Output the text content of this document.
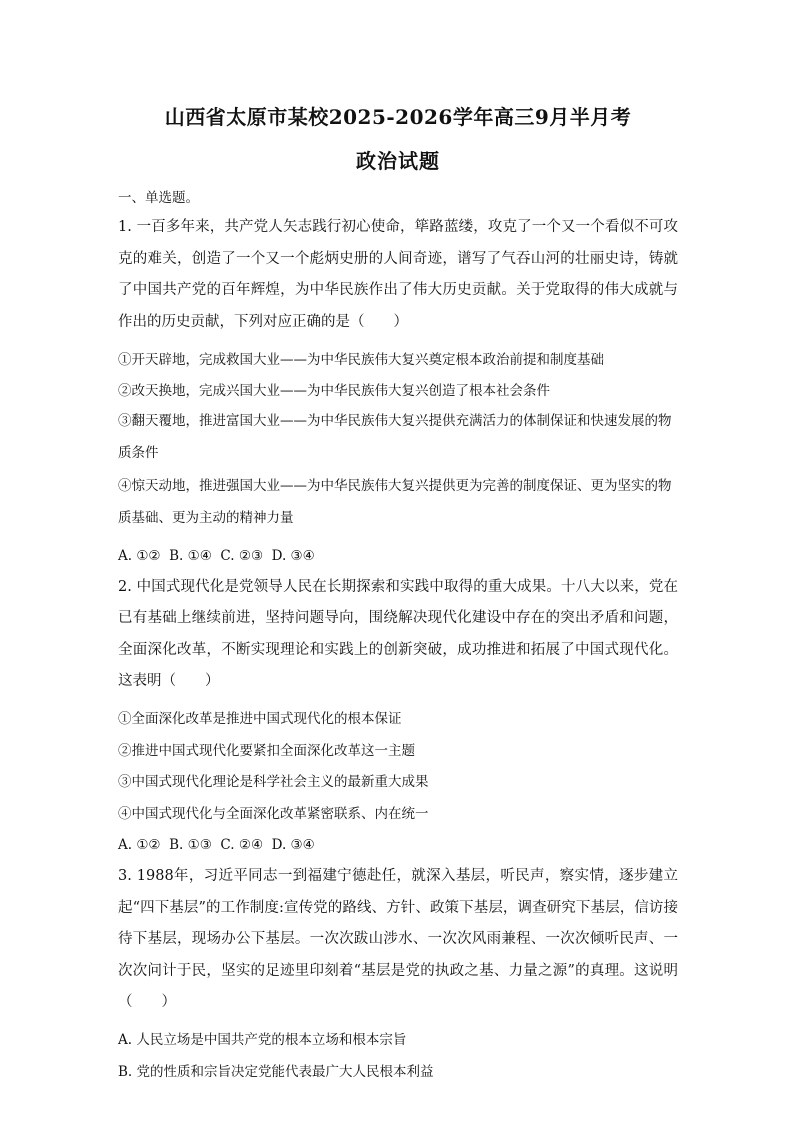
山西省太原市某校2025-2026学年高三9月半月考
政治试题

一、单选题。

1. 一百多年来，共产党人矢志践行初心使命，筚路蓝缕，攻克了一个又一个看似不可攻克的难关，创造了一个又一个彪炳史册的人间奇迹，谱写了气吞山河的壮丽史诗，铸就了中国共产党的百年辉煌，为中华民族作出了伟大历史贡献。关于党取得的伟大成就与作出的历史贡献，下列对应正确的是（　　）

①开天辟地，完成救国大业——为中华民族伟大复兴奠定根本政治前提和制度基础

②改天换地，完成兴国大业——为中华民族伟大复兴创造了根本社会条件

③翻天覆地，推进富国大业——为中华民族伟大复兴提供充满活力的体制保证和快速发展的物质条件

④惊天动地，推进强国大业——为中华民族伟大复兴提供更为完善的制度保证、更为坚实的物质基础、更为主动的精神力量

A. ①②  B. ①④  C. ②③  D. ③④

2. 中国式现代化是党领导人民在长期探索和实践中取得的重大成果。十八大以来，党在已有基础上继续前进，坚持问题导向，围绕解决现代化建设中存在的突出矛盾和问题，全面深化改革，不断实现理论和实践上的创新突破，成功推进和拓展了中国式现代化。这表明（　　）

①全面深化改革是推进中国式现代化的根本保证

②推进中国式现代化要紧扣全面深化改革这一主题

③中国式现代化理论是科学社会主义的最新重大成果

④中国式现代化与全面深化改革紧密联系、内在统一

A. ①②  B. ①③  C. ②④  D. ③④

3. 1988年，习近平同志一到福建宁德赴任，就深入基层，听民声，察实情，逐步建立起“四下基层”的工作制度:宣传党的路线、方针、政策下基层，调查研究下基层，信访接待下基层，现场办公下基层。一次次跋山涉水、一次次风雨兼程、一次次倾听民声、一次次问计于民，坚实的足迹里印刻着“基层是党的执政之基、力量之源”的真理。这说明（　　）

A. 人民立场是中国共产党的根本立场和根本宗旨

B. 党的性质和宗旨决定党能代表最广大人民根本利益
